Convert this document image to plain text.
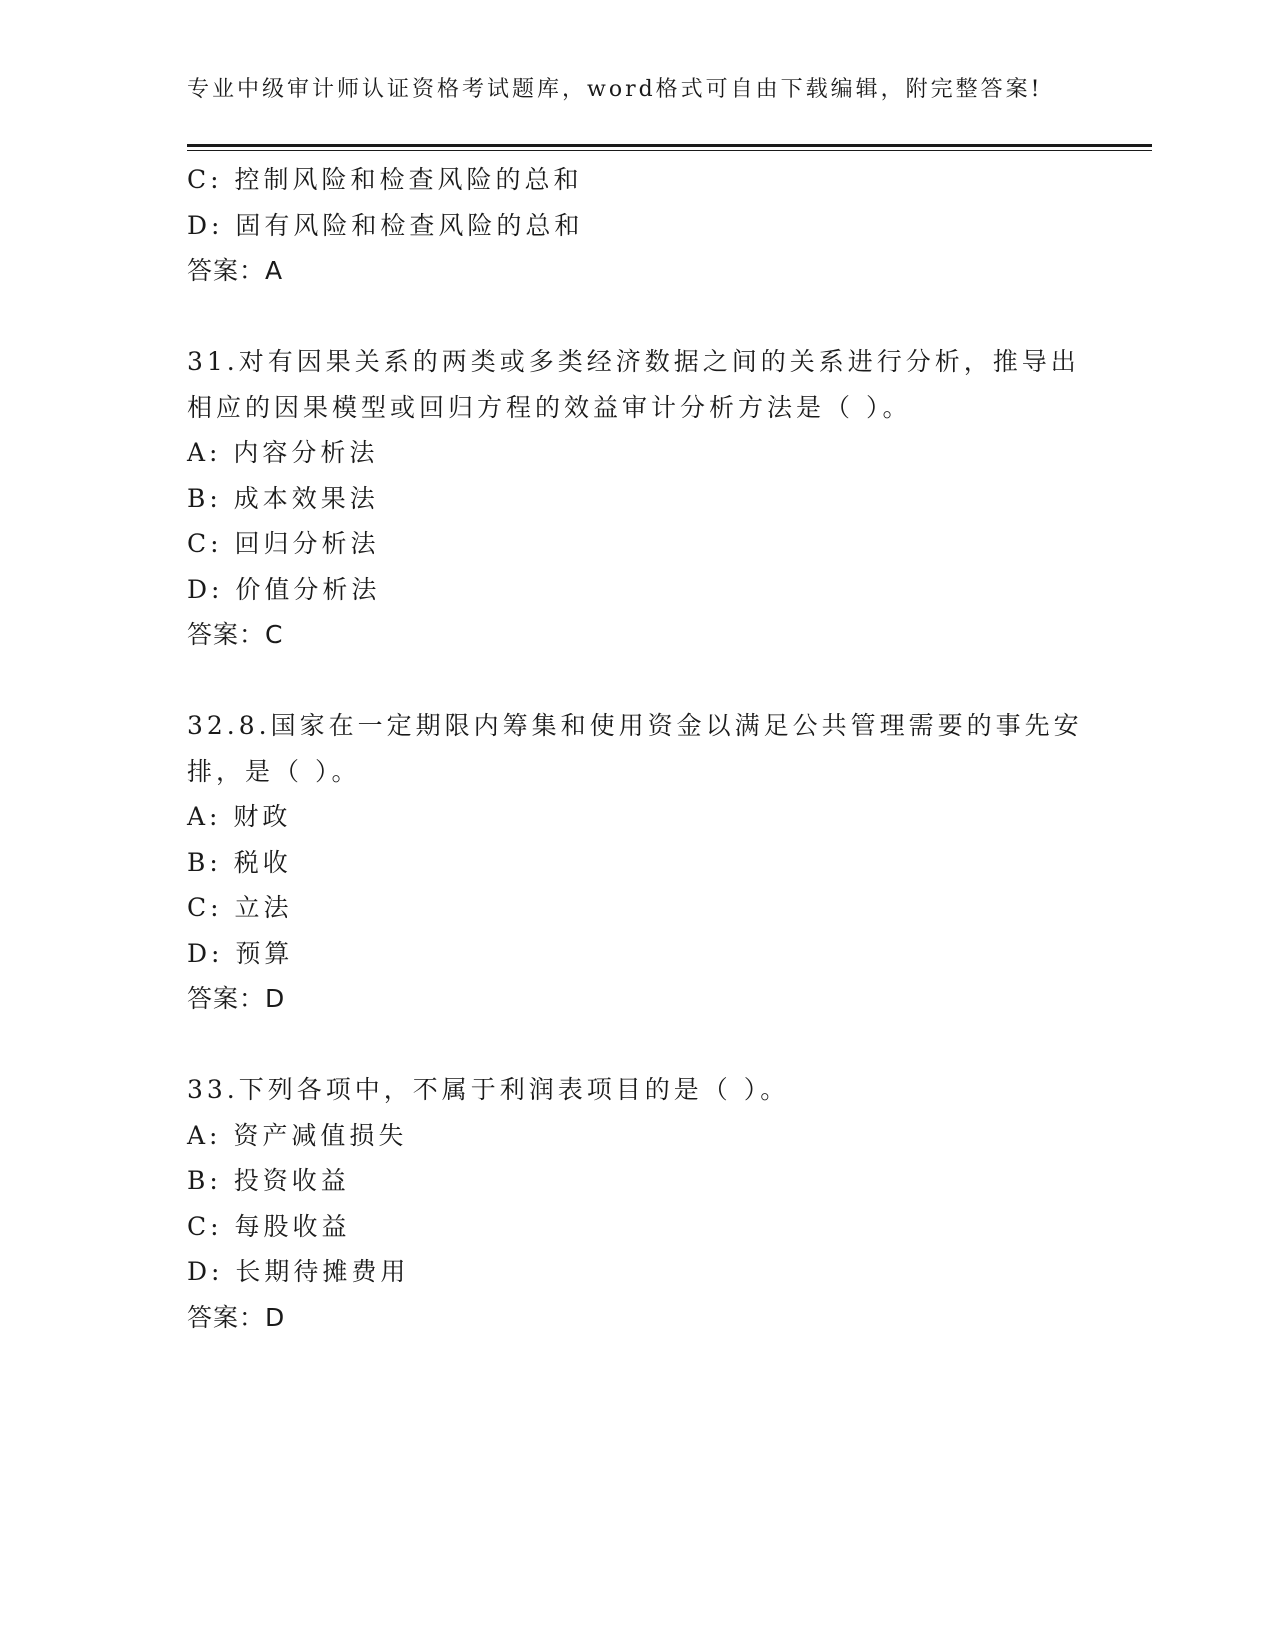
专业中级审计师认证资格考试题库，word格式可自由下载编辑，附完整答案!
C: 控制风险和检查风险的总和
D: 固有风险和检查风险的总和
答案：A
31.对有因果关系的两类或多类经济数据之间的关系进行分析，推导出
相应的因果模型或回归方程的效益审计分析方法是（ ）。
A: 内容分析法
B: 成本效果法
C: 回归分析法
D: 价值分析法
答案：C
32.8.国家在一定期限内筹集和使用资金以满足公共管理需要的事先安
排，是（ ）。
A: 财政
B: 税收
C: 立法
D: 预算
答案：D
33.下列各项中，不属于利润表项目的是（ ）。
A: 资产减值损失
B: 投资收益
C: 每股收益
D: 长期待摊费用
答案：D
